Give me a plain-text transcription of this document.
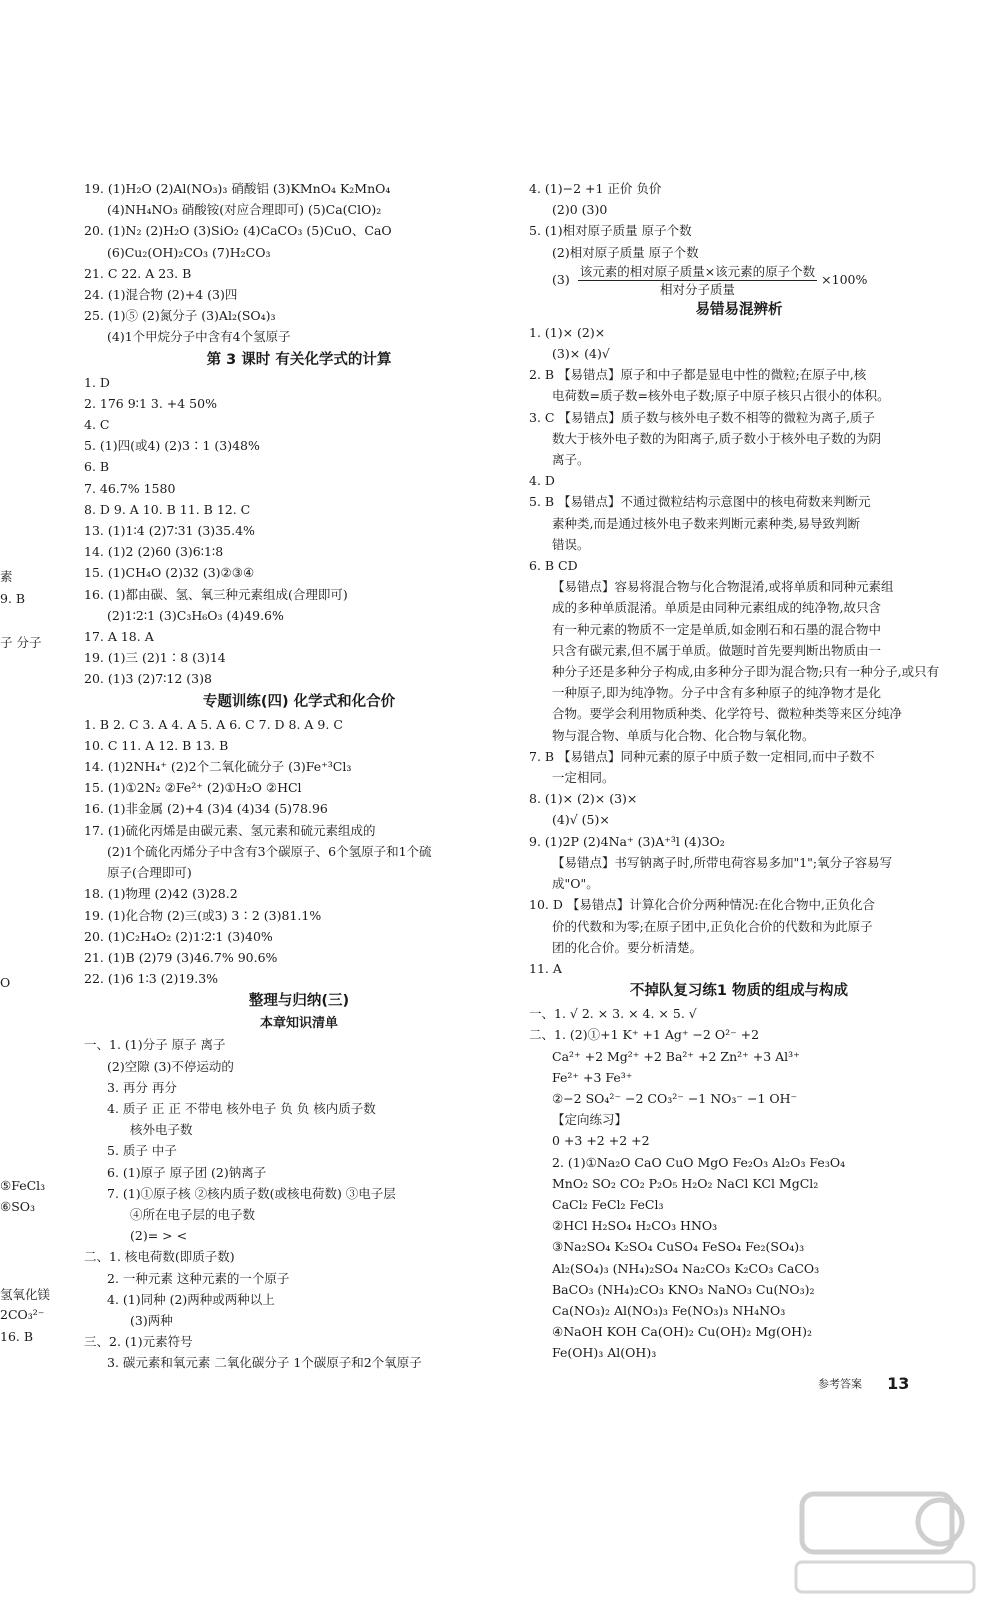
19. (1)H₂O (2)Al(NO₃)₃ 硝酸铝 (3)KMnO₄ K₂MnO₄
(4)NH₄NO₃ 硝酸铵(对应合理即可) (5)Ca(ClO)₂
20. (1)N₂ (2)H₂O (3)SiO₂ (4)CaCO₃ (5)CuO、CaO
(6)Cu₂(OH)₂CO₃ (7)H₂CO₃
21. C 22. A 23. B
24. (1)混合物 (2)+4 (3)四
25. (1)⑤ (2)氮分子 (3)Al₂(SO₄)₃
(4)1个甲烷分子中含有4个氢原子
第 3 课时 有关化学式的计算
1. D
2. 176 9∶1 3. +4 50%
4. C
5. (1)四(或4) (2)3∶1 (3)48%
6. B
7. 46.7% 1580
8. D 9. A 10. B 11. B 12. C
13. (1)1∶4 (2)7∶31 (3)35.4%
14. (1)2 (2)60 (3)6∶1∶8
15. (1)CH₄O (2)32 (3)②③④
16. (1)都由碳、氢、氧三种元素组成(合理即可)
(2)1∶2∶1 (3)C₃H₆O₃ (4)49.6%
17. A 18. A
19. (1)三 (2)1∶8 (3)14
20. (1)3 (2)7∶12 (3)8
专题训练(四) 化学式和化合价
1. B 2. C 3. A 4. A 5. A 6. C 7. D 8. A 9. C
10. C 11. A 12. B 13. B
14. (1)2NH₄⁺ (2)2个二氧化硫分子 (3)Fe⁺³Cl₃
15. (1)①2N₂ ②Fe²⁺ (2)①H₂O ②HCl
16. (1)非金属 (2)+4 (3)4 (4)34 (5)78.96
17. (1)硫化丙烯是由碳元素、氢元素和硫元素组成的
(2)1个硫化丙烯分子中含有3个碳原子、6个氢原子和1个硫
原子(合理即可)
18. (1)物理 (2)42 (3)28.2
19. (1)化合物 (2)三(或3) 3∶2 (3)81.1%
20. (1)C₂H₄O₂ (2)1∶2∶1 (3)40%
21. (1)B (2)79 (3)46.7% 90.6%
22. (1)6 1∶3 (2)19.3%
整理与归纳(三)
本章知识清单
一、1. (1)分子 原子 离子
(2)空隙 (3)不停运动的
3. 再分 再分
4. 质子 正 正 不带电 核外电子 负 负 核内质子数
核外电子数
5. 质子 中子
6. (1)原子 原子团 (2)钠离子
7. (1)①原子核 ②核内质子数(或核电荷数) ③电子层
④所在电子层的电子数
(2)= > <
二、1. 核电荷数(即质子数)
2. 一种元素 这种元素的一个原子
4. (1)同种 (2)两种或两种以上
(3)两种
三、2. (1)元素符号
3. 碳元素和氧元素 二氧化碳分子 1个碳原子和2个氧原子
4. (1)−2 +1 正价 负价
(2)0 (3)0
5. (1)相对原子质量 原子个数
(2)相对原子质量 原子个数
$(3) \frac{\text{该元素的相对原子质量×该元素的原子个数}}{\text{相对分子质量}} \times 100\%$
易错易混辨析
1. (1)× (2)×
(3)× (4)√
2. B 【易错点】原子和中子都是显电中性的微粒;在原子中,核
电荷数=质子数=核外电子数;原子中原子核只占很小的体积。
3. C 【易错点】质子数与核外电子数不相等的微粒为离子,质子
数大于核外电子数的为阳离子,质子数小于核外电子数的为阴
离子。
4. D
5. B 【易错点】不通过微粒结构示意图中的核电荷数来判断元
素种类,而是通过核外电子数来判断元素种类,易导致判断
错误。
6. B CD
【易错点】容易将混合物与化合物混淆,或将单质和同种元素组
成的多种单质混淆。单质是由同种元素组成的纯净物,故只含
有一种元素的物质不一定是单质,如金刚石和石墨的混合物中
只含有碳元素,但不属于单质。做题时首先要判断出物质由一
种分子还是多种分子构成,由多种分子即为混合物;只有一种分子,或只有
一种原子,即为纯净物。分子中含有多种原子的纯净物才是化
合物。要学会利用物质种类、化学符号、微粒种类等来区分纯净
物与混合物、单质与化合物、化合物与氧化物。
7. B 【易错点】同种元素的原子中质子数一定相同,而中子数不
一定相同。
8. (1)× (2)× (3)×
(4)√ (5)×
9. (1)2P (2)4Na⁺ (3)A⁺³l (4)3O₂
【易错点】书写钠离子时,所带电荷容易多加"1";氧分子容易写
成"O"。
10. D 【易错点】计算化合价分两种情况:在化合物中,正负化合
价的代数和为零;在原子团中,正负化合价的代数和为此原子
团的化合价。要分析清楚。
11. A
不掉队复习练1 物质的组成与构成
一、1. √ 2. × 3. × 4. × 5. √
二、1. (2)①+1 K⁺ +1 Ag⁺ −2 O²⁻ +2
Ca²⁺ +2 Mg²⁺ +2 Ba²⁺ +2 Zn²⁺ +3 Al³⁺
Fe²⁺ +3 Fe³⁺
②−2 SO₄²⁻ −2 CO₃²⁻ −1 NO₃⁻ −1 OH⁻
【定向练习】
0 +3 +2 +2 +2
2. (1)①Na₂O CaO CuO MgO Fe₂O₃ Al₂O₃ Fe₃O₄
MnO₂ SO₂ CO₂ P₂O₅ H₂O₂ NaCl KCl MgCl₂
CaCl₂ FeCl₂ FeCl₃
②HCl H₂SO₄ H₂CO₃ HNO₃
③Na₂SO₄ K₂SO₄ CuSO₄ FeSO₄ Fe₂(SO₄)₃
Al₂(SO₄)₃ (NH₄)₂SO₄ Na₂CO₃ K₂CO₃ CaCO₃
BaCO₃ (NH₄)₂CO₃ KNO₃ NaNO₃ Cu(NO₃)₂
Ca(NO₃)₂ Al(NO₃)₃ Fe(NO₃)₃ NH₄NO₃
④NaOH KOH Ca(OH)₂ Cu(OH)₂ Mg(OH)₂
Fe(OH)₃ Al(OH)₃
素
9. B
子 分子
O
⑤FeCl₃
⑥SO₃
氢氧化镁
2CO₃²⁻
16. B
参考答案 13
